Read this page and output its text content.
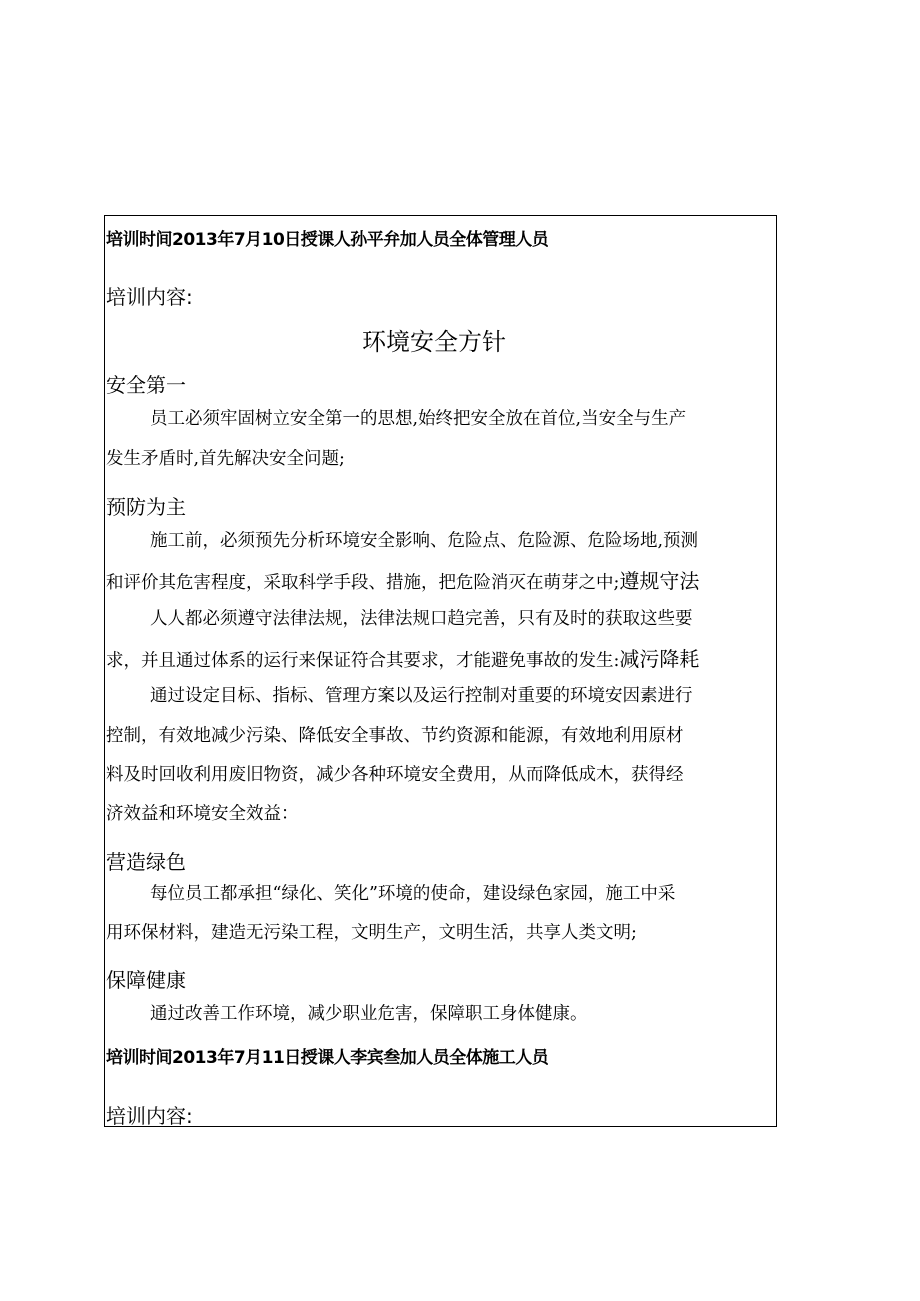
培训时间2013年7月10日授课人孙平弁加人员全体管理人员
培训内容:
环境安全方针
安全第一
员工必须牢固树立安全第一的思想,始终把安全放在首位,当安全与生产
发生矛盾时,首先解决安全问题;
预防为主
施工前，必须预先分析环境安全影响、危险点、危险源、危险场地,预测
和评价其危害程度，采取科学手段、措施，把危险消灭在萌芽之中;遵规守法
人人都必须遵守法律法规，法律法规口趋完善，只有及时的获取这些要
求，并且通过体系的运行来保证符合其要求，才能避免事故的发生:减污降耗
通过设定目标、指标、管理方案以及运行控制对重要的环境安因素进行
控制，有效地减少污染、降低安全事故、节约资源和能源，有效地利用原材
料及时回收利用废旧物资，减少各种环境安全费用，从而降低成木，获得经
济效益和环境安全效益：
营造绿色
每位员工都承担“绿化、笑化”环境的使命，建设绿色家园，施工中采
用环保材料，建造无污染工程，文明生产，文明生活，共享人类文明;
保障健康
通过改善工作环境，减少职业危害，保障职工身体健康。
培训时间2013年7月11日授课人李宾叁加人员全体施工人员
培训内容:
